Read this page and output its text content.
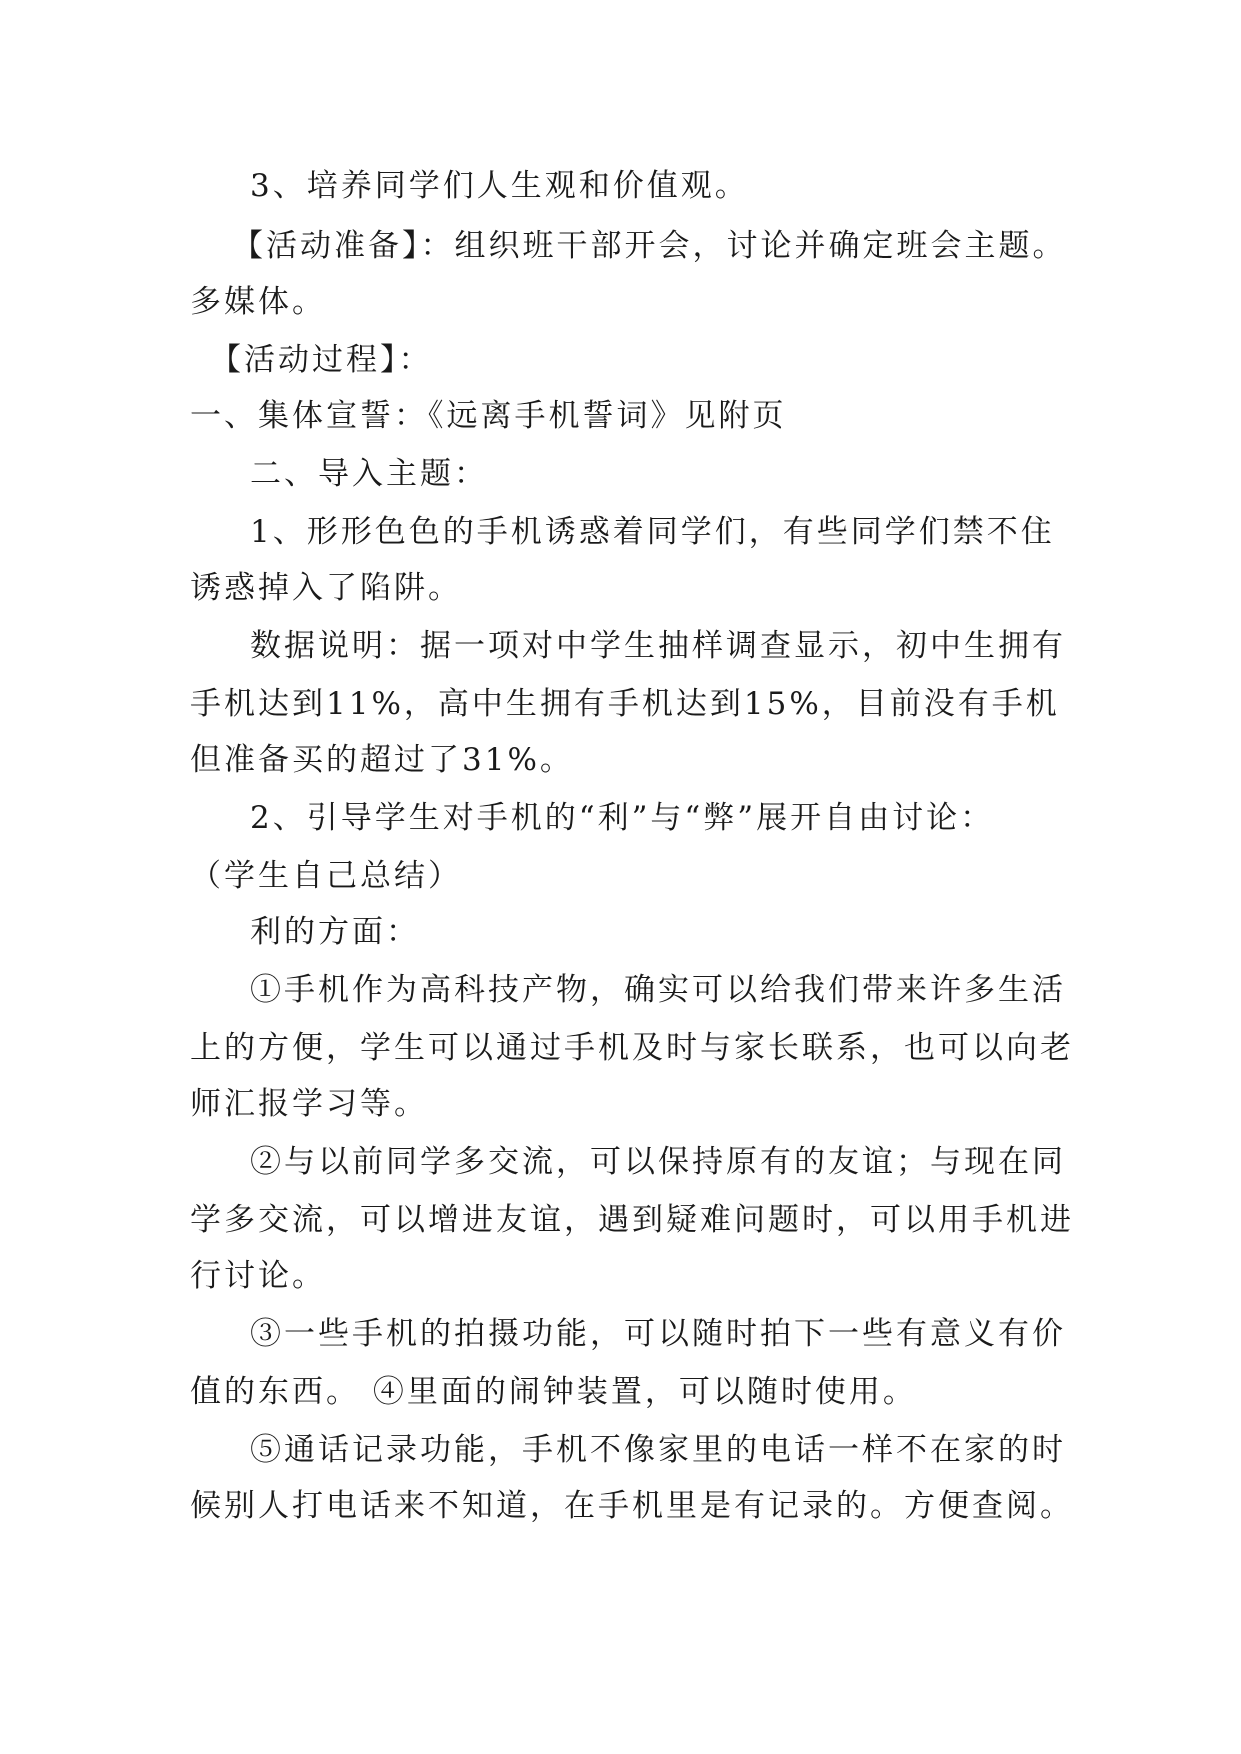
3、培养同学们人生观和价值观。
【活动准备】：组织班干部开会，讨论并确定班会主题。
多媒体。
【活动过程】：
一、集体宣誓：《远离手机誓词》见附页
二、导入主题：
1、形形色色的手机诱惑着同学们，有些同学们禁不住
诱惑掉入了陷阱。
数据说明：据一项对中学生抽样调查显示，初中生拥有
手机达到11%，高中生拥有手机达到15%，目前没有手机
但准备买的超过了31%。
2、引导学生对手机的“利”与“弊”展开自由讨论：
（学生自己总结）
利的方面：
①手机作为高科技产物，确实可以给我们带来许多生活
上的方便，学生可以通过手机及时与家长联系，也可以向老
师汇报学习等。
②与以前同学多交流，可以保持原有的友谊；与现在同
学多交流，可以增进友谊，遇到疑难问题时，可以用手机进
行讨论。
③一些手机的拍摄功能，可以随时拍下一些有意义有价
值的东西。 ④里面的闹钟装置，可以随时使用。
⑤通话记录功能，手机不像家里的电话一样不在家的时
候别人打电话来不知道，在手机里是有记录的。方便查阅。
